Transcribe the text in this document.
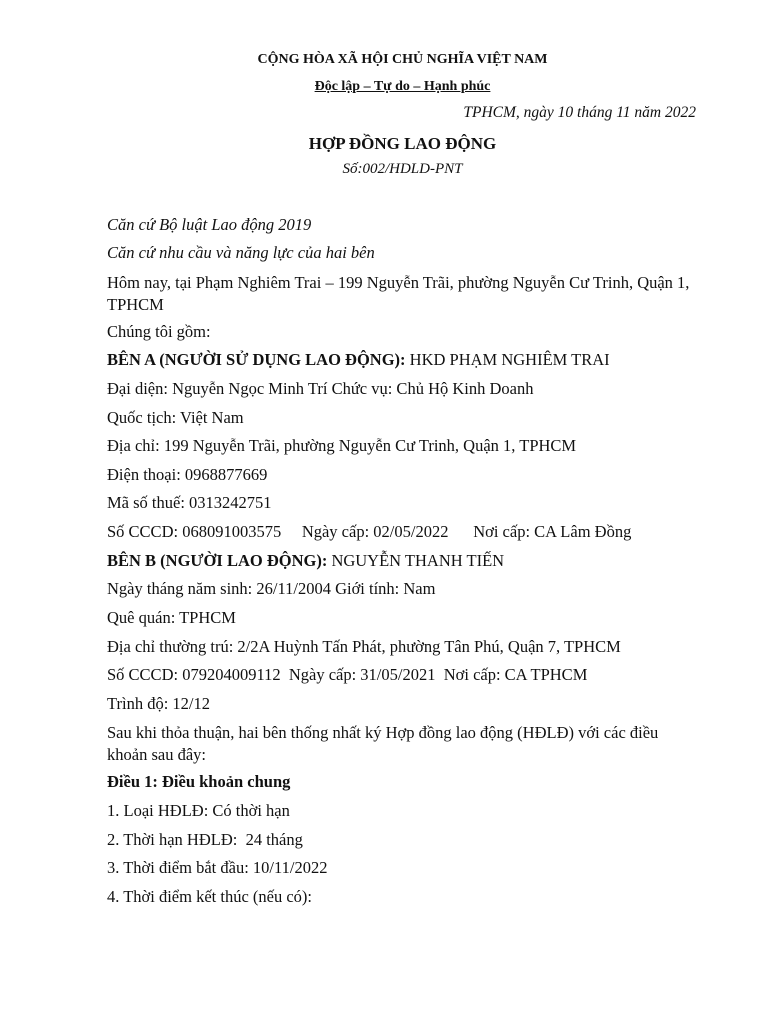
CỘNG HÒA XÃ HỘI CHỦ NGHĨA VIỆT NAM
Độc lập – Tự do – Hạnh phúc
TPHCM, ngày 10 tháng 11 năm 2022
HỢP ĐỒNG LAO ĐỘNG
Số:002/HDLD-PNT
Căn cứ Bộ luật Lao động 2019
Căn cứ nhu cầu và năng lực của hai bên
Hôm nay, tại Phạm Nghiêm Trai – 199 Nguyễn Trãi, phường Nguyễn Cư Trinh, Quận 1, TPHCM
Chúng tôi gồm:
BÊN A (NGƯỜI SỬ DỤNG LAO ĐỘNG): HKD PHẠM NGHIÊM TRAI
Đại diện: Nguyễn Ngọc Minh Trí Chức vụ: Chủ Hộ Kinh Doanh
Quốc tịch: Việt Nam
Địa chỉ: 199 Nguyễn Trãi, phường Nguyễn Cư Trinh, Quận 1, TPHCM
Điện thoại: 0968877669
Mã số thuế: 0313242751
Số CCCD: 068091003575     Ngày cấp: 02/05/2022      Nơi cấp: CA Lâm Đồng
BÊN B (NGƯỜI LAO ĐỘNG): NGUYỄN THANH TIẾN
Ngày tháng năm sinh: 26/11/2004 Giới tính: Nam
Quê quán: TPHCM
Địa chỉ thường trú: 2/2A Huỳnh Tấn Phát, phường Tân Phú, Quận 7, TPHCM
Số CCCD: 079204009112  Ngày cấp: 31/05/2021  Nơi cấp: CA TPHCM
Trình độ: 12/12
Sau khi thỏa thuận, hai bên thống nhất ký Hợp đồng lao động (HĐLĐ) với các điều khoản sau đây:
Điều 1: Điều khoản chung
1. Loại HĐLĐ: Có thời hạn
2. Thời hạn HĐLĐ:  24 tháng
3. Thời điểm bắt đầu: 10/11/2022
4. Thời điểm kết thúc (nếu có):
